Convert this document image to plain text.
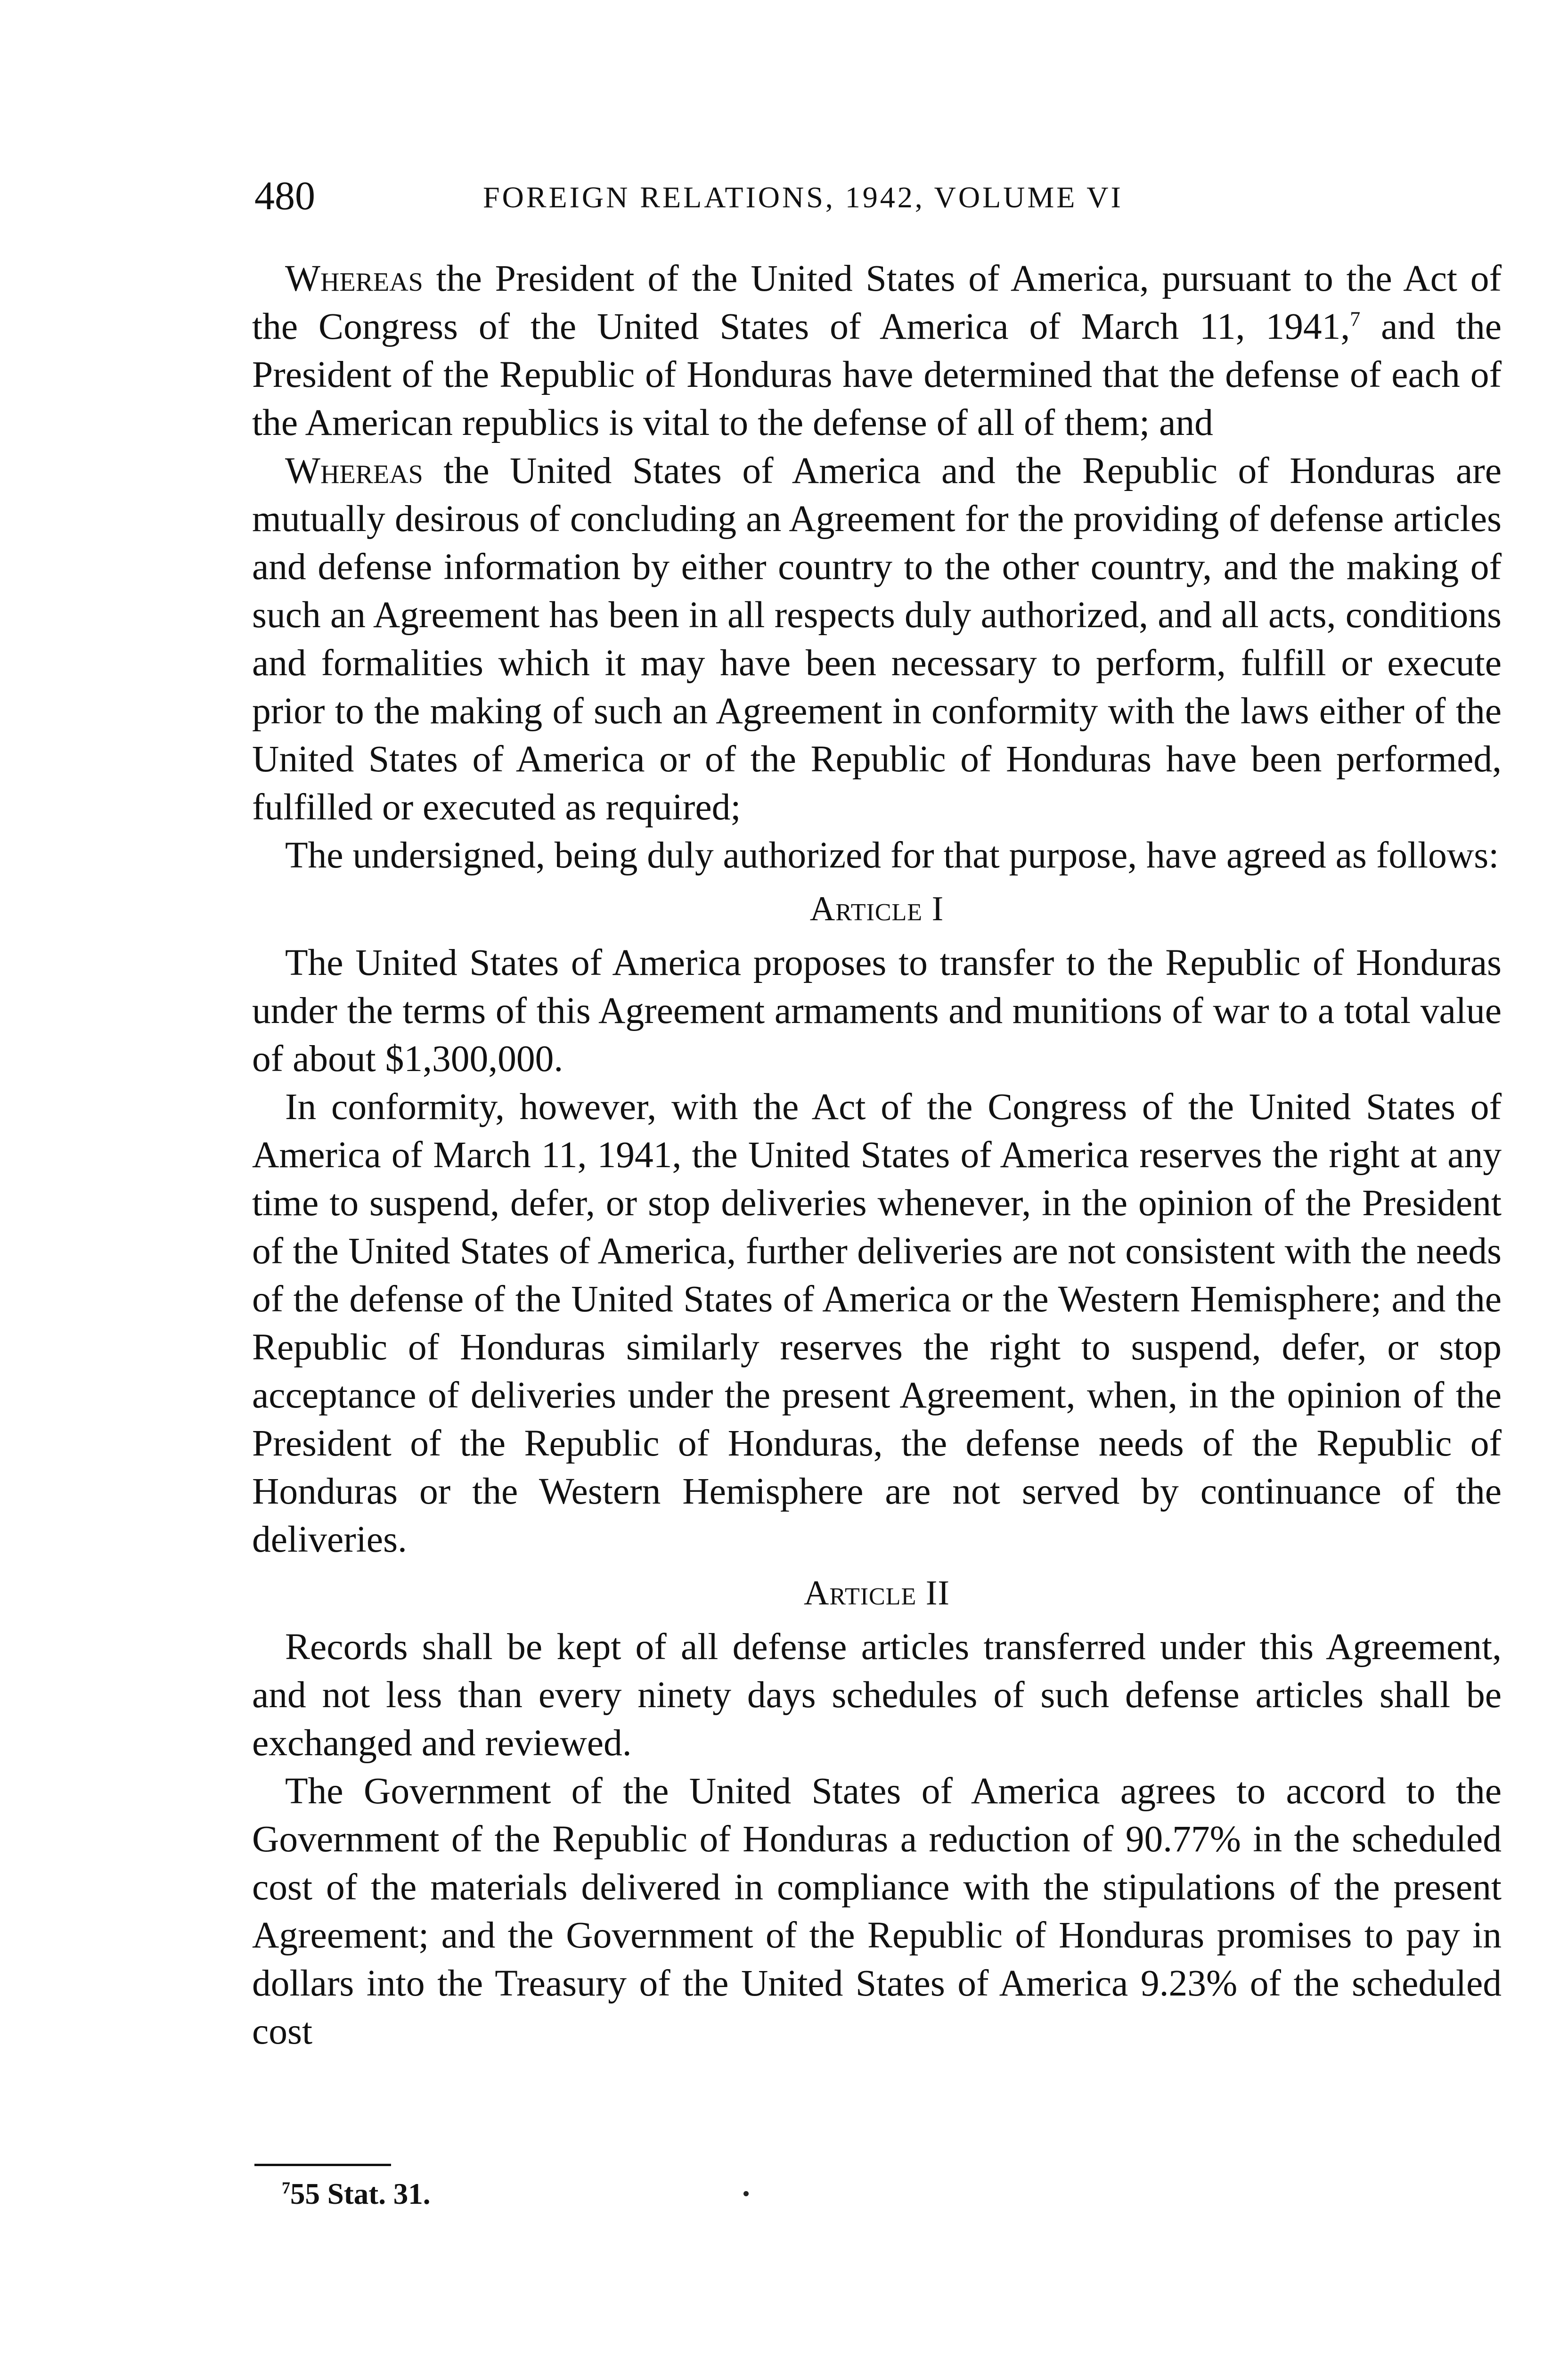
480	FOREIGN RELATIONS, 1942, VOLUME VI

Whereas the President of the United States of America, pursuant to the Act of the Congress of the United States of America of March 11, 1941,$^7$ and the President of the Republic of Honduras have determined that the defense of each of the American republics is vital to the defense of all of them; and

Whereas the United States of America and the Republic of Honduras are mutually desirous of concluding an Agreement for the providing of defense articles and defense information by either country to the other country, and the making of such an Agreement has been in all respects duly authorized, and all acts, conditions and formalities which it may have been necessary to perform, fulfill or execute prior to the making of such an Agreement in conformity with the laws either of the United States of America or of the Republic of Honduras have been performed, fulfilled or executed as required;

The undersigned, being duly authorized for that purpose, have agreed as follows:

Article I

The United States of America proposes to transfer to the Republic of Honduras under the terms of this Agreement armaments and munitions of war to a total value of about $1,300,000.

In conformity, however, with the Act of the Congress of the United States of America of March 11, 1941, the United States of America reserves the right at any time to suspend, defer, or stop deliveries whenever, in the opinion of the President of the United States of America, further deliveries are not consistent with the needs of the defense of the United States of America or the Western Hemisphere; and the Republic of Honduras similarly reserves the right to suspend, defer, or stop acceptance of deliveries under the present Agreement, when, in the opinion of the President of the Republic of Honduras, the defense needs of the Republic of Honduras or the Western Hemisphere are not served by continuance of the deliveries.

Article II

Records shall be kept of all defense articles transferred under this Agreement, and not less than every ninety days schedules of such defense articles shall be exchanged and reviewed.

The Government of the United States of America agrees to accord to the Government of the Republic of Honduras a reduction of 90.77% in the scheduled cost of the materials delivered in compliance with the stipulations of the present Agreement; and the Government of the Republic of Honduras promises to pay in dollars into the Treasury of the United States of America 9.23% of the scheduled cost

$^7$55 Stat. 31.
